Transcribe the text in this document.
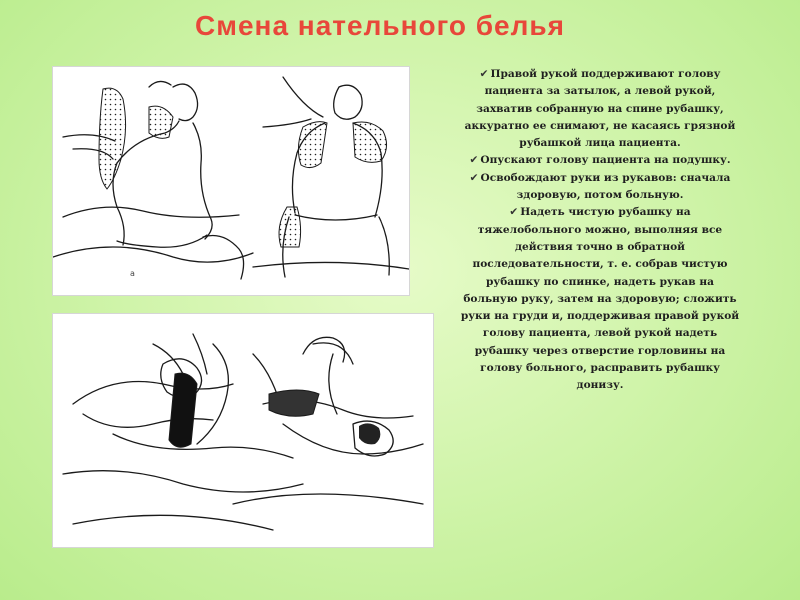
Смена нательного белья
а
✔ Правой рукой поддерживают голову пациента за затылок, а левой рукой, захватив собранную на спине рубашку, аккуратно ее снимают, не касаясь грязной рубашкой лица пациента.
✔ Опускают голову пациента на подушку.
✔ Освобождают руки из рукавов: сначала здоровую, потом больную.
✔ Надеть чистую рубашку на тяжелобольного можно, выполняя все действия точно в обратной последовательности, т. е. собрав чистую рубашку по спинке, надеть рукав на больную руку, затем на здоровую; сложить руки на груди и, поддерживая правой рукой голову пациента, левой рукой надеть рубашку через отверстие горловины на голову больного, расправить рубашку донизу.
